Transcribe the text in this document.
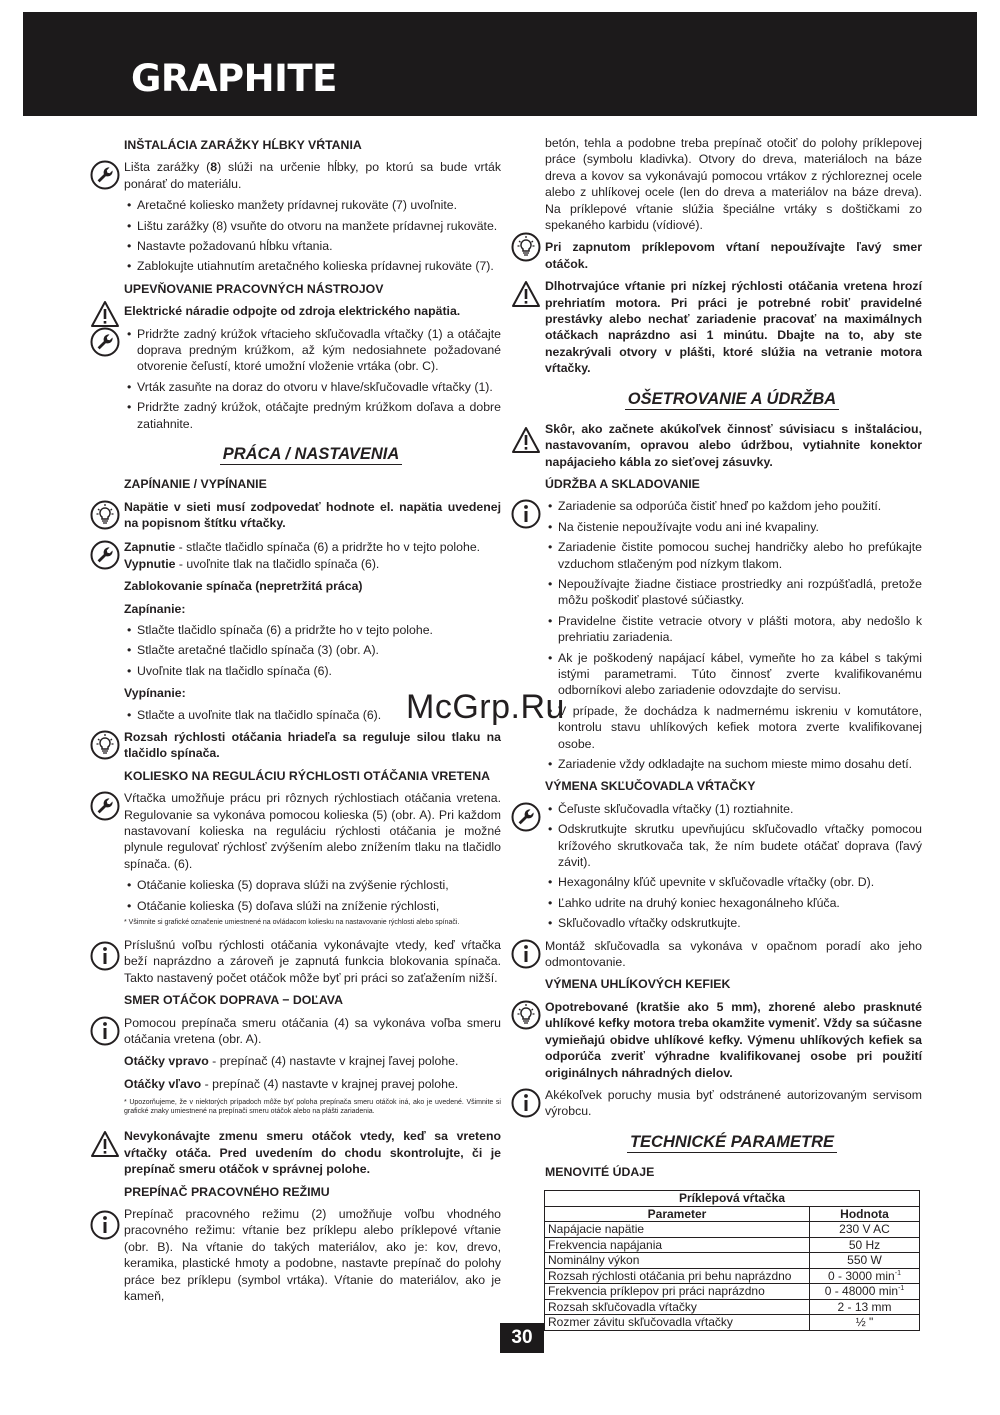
GRAPHITE
INŠTALÁCIA ZARÁŽKY HĹBKY VŔTANIA
Lišta zarážky (8) slúži na určenie hĺbky, po ktorú sa bude vrták ponárať do materiálu.
• Aretačné koliesko manžety prídavnej rukoväte (7) uvoľnite.
• Lištu zarážky (8) vsuňte do otvoru na manžete prídavnej rukoväte.
• Nastavte požadovanú hĺbku vŕtania.
• Zablokujte utiahnutím aretačného kolieska prídavnej rukoväte (7).
UPEVŇOVANIE PRACOVNÝCH NÁSTROJOV
Elektrické náradie odpojte od zdroja elektrického napätia.
• Pridržte zadný krúžok vŕtacieho skľučovadla vŕtačky (1) a otáčajte doprava predným krúžkom, až kým nedosiahnete požadované otvorenie čeľustí, ktoré umožní vloženie vrtáka (obr. C).
• Vrták zasuňte na doraz do otvoru v hlave/skľučovadle vŕtačky (1).
• Pridržte zadný krúžok, otáčajte predným krúžkom doľava a dobre zatiahnite.
PRÁCA / NASTAVENIA
ZAPÍNANIE / VYPÍNANIE
Napätie v sieti musí zodpovedať hodnote el. napätia uvedenej na popisnom štítku vŕtačky.
Zapnutie - stlačte tlačidlo spínača (6) a pridržte ho v tejto polohe.
Vypnutie - uvoľnite tlak na tlačidlo spínača (6).
Zablokovanie spínača (nepretržitá práca)
Zapínanie:
• Stlačte tlačidlo spínača (6) a pridržte ho v tejto polohe.
• Stlačte aretačné tlačidlo spínača (3) (obr. A).
• Uvoľnite tlak na tlačidlo spínača (6).
Vypínanie:
• Stlačte a uvoľnite tlak na tlačidlo spínača (6).
Rozsah rýchlosti otáčania hriadeľa sa reguluje silou tlaku na tlačidlo spínača.
KOLIESKO NA REGULÁCIU RÝCHLOSTI OTÁČANIA VRETENA
Vŕtačka umožňuje prácu pri rôznych rýchlostiach otáčania vretena. Regulovanie sa vykonáva pomocou kolieska (5) (obr. A). Pri každom nastavovaní kolieska na reguláciu rýchlosti otáčania je možné plynule regulovať rýchlosť zvýšením alebo znížením tlaku na tlačidlo spínača. (6).
• Otáčanie kolieska (5) doprava slúži na zvýšenie rýchlosti,
• Otáčanie kolieska (5) doľava slúži na zníženie rýchlosti,
* Všimnite si grafické označenie umiestnené na ovládacom koliesku na nastavovanie rýchlosti alebo spínači.
Príslušnú voľbu rýchlosti otáčania vykonávajte vtedy, keď vŕtačka beží naprázdno a zároveň je zapnutá funkcia blokovania spínača. Takto nastavený počet otáčok môže byť pri práci so zaťažením nižší.
SMER OTÁČOK DOPRAVA − DOĽAVA
Pomocou prepínača smeru otáčania (4) sa vykonáva voľba smeru otáčania vretena (obr. A).
Otáčky vpravo - prepínač (4) nastavte v krajnej ľavej polohe.
Otáčky vľavo - prepínač (4) nastavte v krajnej pravej polohe.
* Upozorňujeme, že v niektorých prípadoch môže byť poloha prepínača smeru otáčok iná, ako je uvedené. Všimnite si grafické znaky umiestnené na prepínači smeru otáčok alebo na plášti zariadenia.
Nevykonávajte zmenu smeru otáčok vtedy, keď sa vreteno vŕtačky otáča. Pred uvedením do chodu skontrolujte, či je prepínač smeru otáčok v správnej polohe.
PREPÍNAČ PRACOVNÉHO REŽIMU
Prepínač pracovného režimu (2) umožňuje voľbu vhodného pracovného režimu: vŕtanie bez príklepu alebo príklepové vŕtanie (obr. B). Na vŕtanie do takých materiálov, ako je: kov, drevo, keramika, plastické hmoty a podobne, nastavte prepínač do polohy práce bez príklepu (symbol vrtáka). Vŕtanie do materiálov, ako je kameň,
betón, tehla a podobne treba prepínač otočiť do polohy príklepovej práce (symbolu kladivka). Otvory do dreva, materiáloch na báze dreva a kovov sa vykonávajú pomocou vrtákov z rýchloreznej ocele alebo z uhlíkovej ocele (len do dreva a materiálov na báze dreva). Na príklepové vŕtanie slúžia špeciálne vrtáky s doštičkami zo spekaného karbidu (vídiové).
Pri zapnutom príklepovom vŕtaní nepoužívajte ľavý smer otáčok.
Dlhotrvajúce vŕtanie pri nízkej rýchlosti otáčania vretena hrozí prehriatím motora. Pri práci je potrebné robiť pravidelné prestávky alebo nechať zariadenie pracovať na maximálnych otáčkach naprázdno asi 1 minútu. Dbajte na to, aby ste nezakrývali otvory v plášti, ktoré slúžia na vetranie motora vŕtačky.
OŠETROVANIE A ÚDRŽBA
Skôr, ako začnete akúkoľvek činnosť súvisiacu s inštaláciou, nastavovaním, opravou alebo údržbou, vytiahnite konektor napájacieho kábla zo sieťovej zásuvky.
ÚDRŽBA A SKLADOVANIE
• Zariadenie sa odporúča čistiť hneď po každom jeho použití.
• Na čistenie nepoužívajte vodu ani iné kvapaliny.
• Zariadenie čistite pomocou suchej handričky alebo ho prefúkajte vzduchom stlačeným pod nízkym tlakom.
• Nepoužívajte žiadne čistiace prostriedky ani rozpúšťadlá, pretože môžu poškodiť plastové súčiastky.
• Pravidelne čistite vetracie otvory v plášti motora, aby nedošlo k prehriatiu zariadenia.
• Ak je poškodený napájací kábel, vymeňte ho za kábel s takými istými parametrami. Túto činnosť zverte kvalifikovanému odborníkovi alebo zariadenie odovzdajte do servisu.
• V prípade, že dochádza k nadmernému iskreniu v komutátore, kontrolu stavu uhlíkových kefiek motora zverte kvalifikovanej osobe.
• Zariadenie vždy odkladajte na suchom mieste mimo dosahu detí.
VÝMENA SKĽUČOVADLA VŔTAČKY
• Čeľuste skľučovadla vŕtačky (1) roztiahnite.
• Odskrutkujte skrutku upevňujúcu skľučovadlo vŕtačky pomocou krížového skrutkovača tak, že ním budete otáčať doprava (ľavý závit).
• Hexagonálny kľúč upevnite v skľučovadle vŕtačky (obr. D).
• Ľahko udrite na druhý koniec hexagonálneho kľúča.
• Skľučovadlo vŕtačky odskrutkujte.
Montáž skľučovadla sa vykonáva v opačnom poradí ako jeho odmontovanie.
VÝMENA UHLÍKOVÝCH KEFIEK
Opotrebované (kratšie ako 5 mm), zhorené alebo prasknuté uhlíkové kefky motora treba okamžite vymeniť. Vždy sa súčasne vymieňajú obidve uhlíkové kefky. Výmenu uhlíkových kefiek sa odporúča zveriť výhradne kvalifikovanej osobe pri použití originálnych náhradných dielov.
Akékoľvek poruchy musia byť odstránené autorizovaným servisom výrobcu.
TECHNICKÉ PARAMETRE
MENOVITÉ ÚDAJE
Príklepová vŕtačka	
Parameter	Hodnota
Napájacie napätie	230 V AC
Frekvencia napájania	50 Hz
Nominálny výkon	550 W
Rozsah rýchlosti otáčania pri behu naprázdno	0 - 3000 $\min^{-1}$
Frekvencia príklepov pri práci naprázdno	0 - 48000 $\min^{-1}$
Rozsah skľučovadla vŕtačky	2 - 13 mm
Rozmer závitu skľučovadla vŕtačky	½ "
McGrp.Ru
30
